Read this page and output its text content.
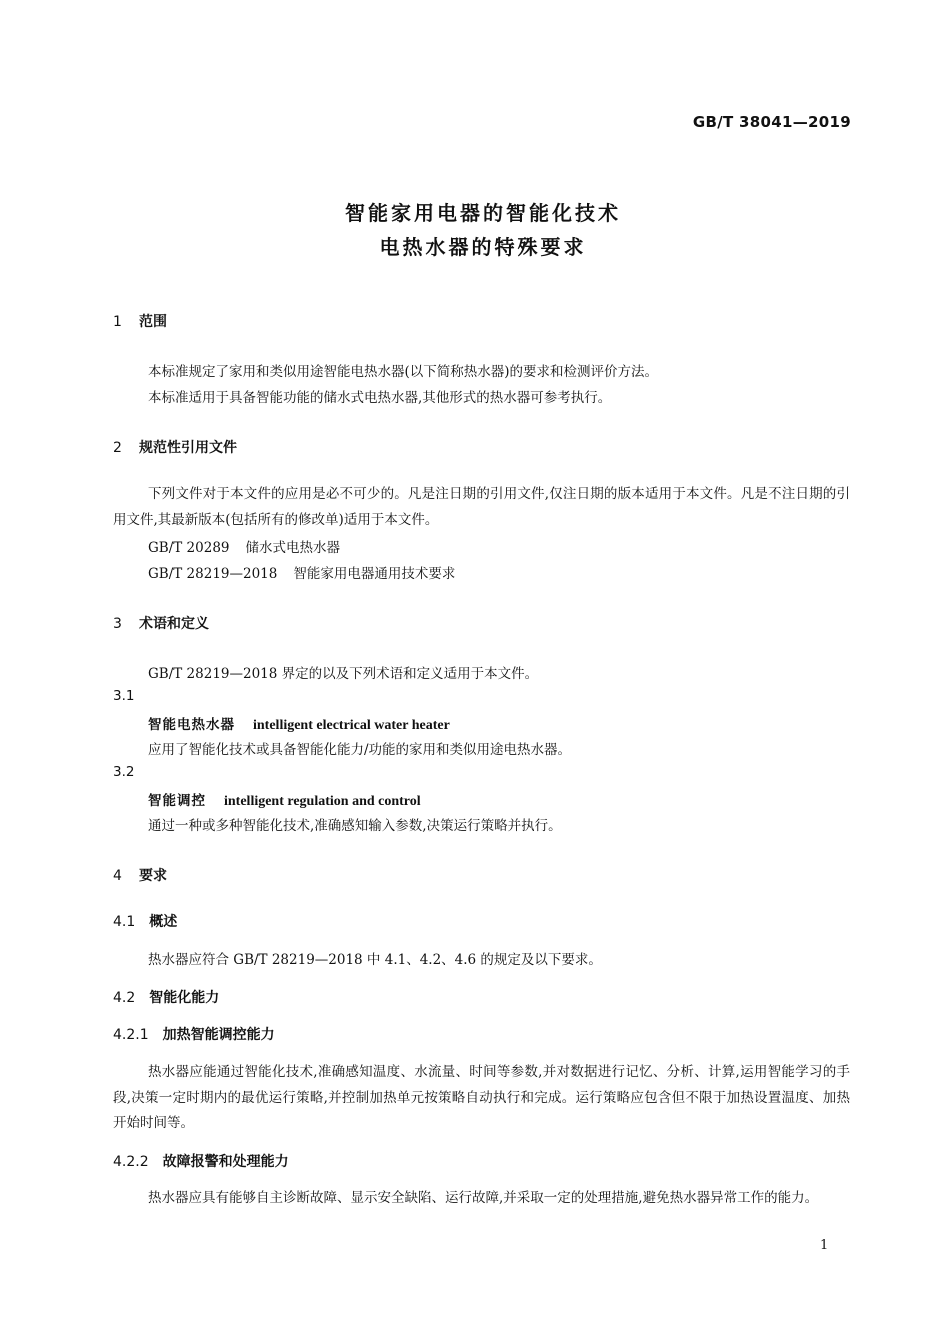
GB/T 38041—2019
智能家用电器的智能化技术
电热水器的特殊要求
1 范围
本标准规定了家用和类似用途智能电热水器(以下简称热水器)的要求和检测评价方法。
本标准适用于具备智能功能的储水式电热水器,其他形式的热水器可参考执行。
2 规范性引用文件
下列文件对于本文件的应用是必不可少的。凡是注日期的引用文件,仅注日期的版本适用于本文件。凡是不注日期的引用文件,其最新版本(包括所有的修改单)适用于本文件。
GB/T 20289 储水式电热水器
GB/T 28219—2018 智能家用电器通用技术要求
3 术语和定义
GB/T 28219—2018 界定的以及下列术语和定义适用于本文件。
3.1
智能电热水器 intelligent electrical water heater
应用了智能化技术或具备智能化能力/功能的家用和类似用途电热水器。
3.2
智能调控 intelligent regulation and control
通过一种或多种智能化技术,准确感知输入参数,决策运行策略并执行。
4 要求
4.1 概述
热水器应符合 GB/T 28219—2018 中 4.1、4.2、4.6 的规定及以下要求。
4.2 智能化能力
4.2.1 加热智能调控能力
热水器应能通过智能化技术,准确感知温度、水流量、时间等参数,并对数据进行记忆、分析、计算,运用智能学习的手段,决策一定时期内的最优运行策略,并控制加热单元按策略自动执行和完成。运行策略应包含但不限于加热设置温度、加热开始时间等。
4.2.2 故障报警和处理能力
热水器应具有能够自主诊断故障、显示安全缺陷、运行故障,并采取一定的处理措施,避免热水器异常工作的能力。
1
